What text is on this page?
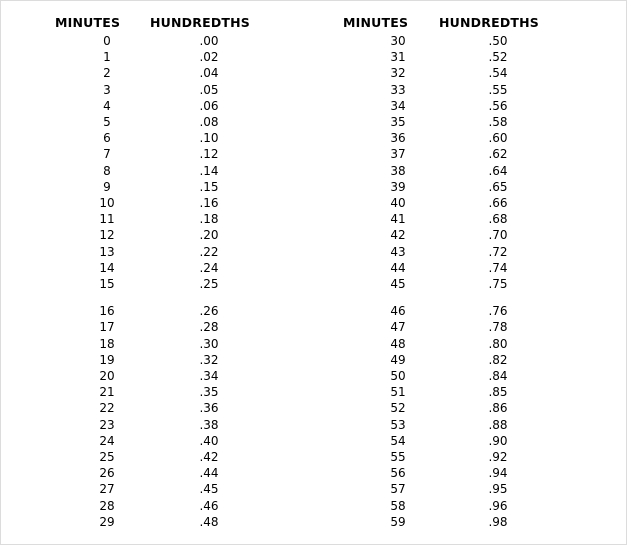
MINUTES HUNDREDTHS	MINUTES HUNDREDTHS
0	.00
1	.02
2	.04
3	.05
4	.06
5	.08
6	.10
7	.12
8	.14
9	.15
10	.16
11	.18
12	.20
13	.22
14	.24
15	.25
16	.26
17	.28
18	.30
19	.32
20	.34
21	.35
22	.36
23	.38
24	.40
25	.42
26	.44
27	.45
28	.46
29	.48
30	.50
31	.52
32	.54
33	.55
34	.56
35	.58
36	.60
37	.62
38	.64
39	.65
40	.66
41	.68
42	.70
43	.72
44	.74
45	.75
46	.76
47	.78
48	.80
49	.82
50	.84
51	.85
52	.86
53	.88
54	.90
55	.92
56	.94
57	.95
58	.96
59	.98
